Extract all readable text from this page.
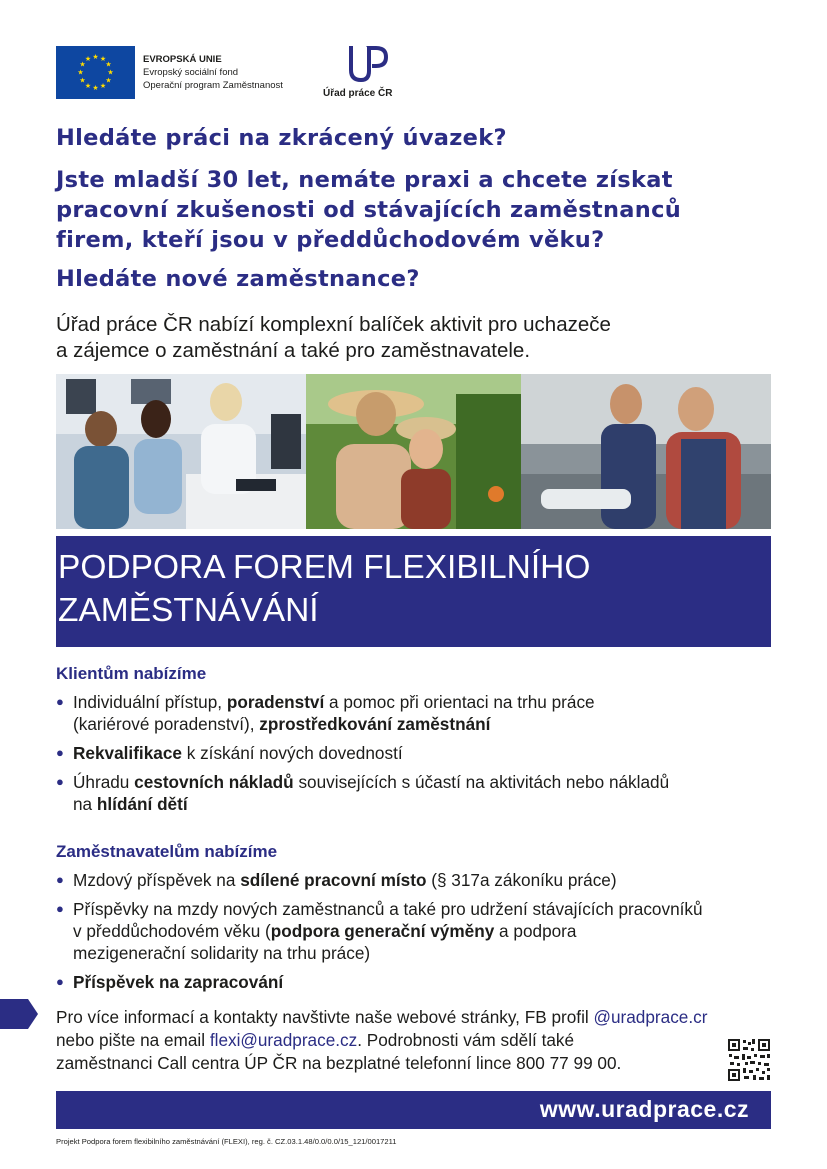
★ ★
★
★
★
★
★
★
★
★
★
★	EVROPSKÁ UNIE
Evropský sociální fond
Operační program Zaměstnanost
Úřad práce ČR
Hledáte práci na zkrácený úvazek?
Jste mladší 30 let, nemáte praxi a chcete získat
pracovní zkušenosti od stávajících zaměstnanců
firem, kteří jsou v předdůchodovém věku?
Hledáte nové zaměstnance?
Úřad práce ČR nabízí komplexní balíček aktivit pro uchazeče
a zájemce o zaměstnání a také pro zaměstnavatele.
PODPORA FOREM FLEXIBILNÍHO
ZAMĚSTNÁVÁNÍ
Klientům nabízíme
● Individuální přístup, poradenství a pomoc při orientaci na trhu práce
(kariérové poradenství), zprostředkování zaměstnání
● Rekvalifikace k získání nových dovedností
● Úhradu cestovních nákladů souvisejících s účastí na aktivitách nebo nákladů
na hlídání dětí
Zaměstnavatelům nabízíme
● Mzdový příspěvek na sdílené pracovní místo (§ 317a zákoníku práce)
● Příspěvky na mzdy nových zaměstnanců a také pro udržení stávajících pracovníků
v předdůchodovém věku (podpora generační výměny a podpora
mezigenerační solidarity na trhu práce)
● Příspěvek na zapracování
Pro více informací a kontakty navštivte naše webové stránky, FB profil @uradprace.cr
nebo pište na email flexi@uradprace.cz. Podrobnosti vám sdělí také
zaměstnanci Call centra ÚP ČR na bezplatné telefonní lince 800 77 99 00.
www.uradprace.cz
Projekt Podpora forem flexibilního zaměstnávání (FLEXI), reg. č. CZ.03.1.48/0.0/0.0/15_121/0017211
